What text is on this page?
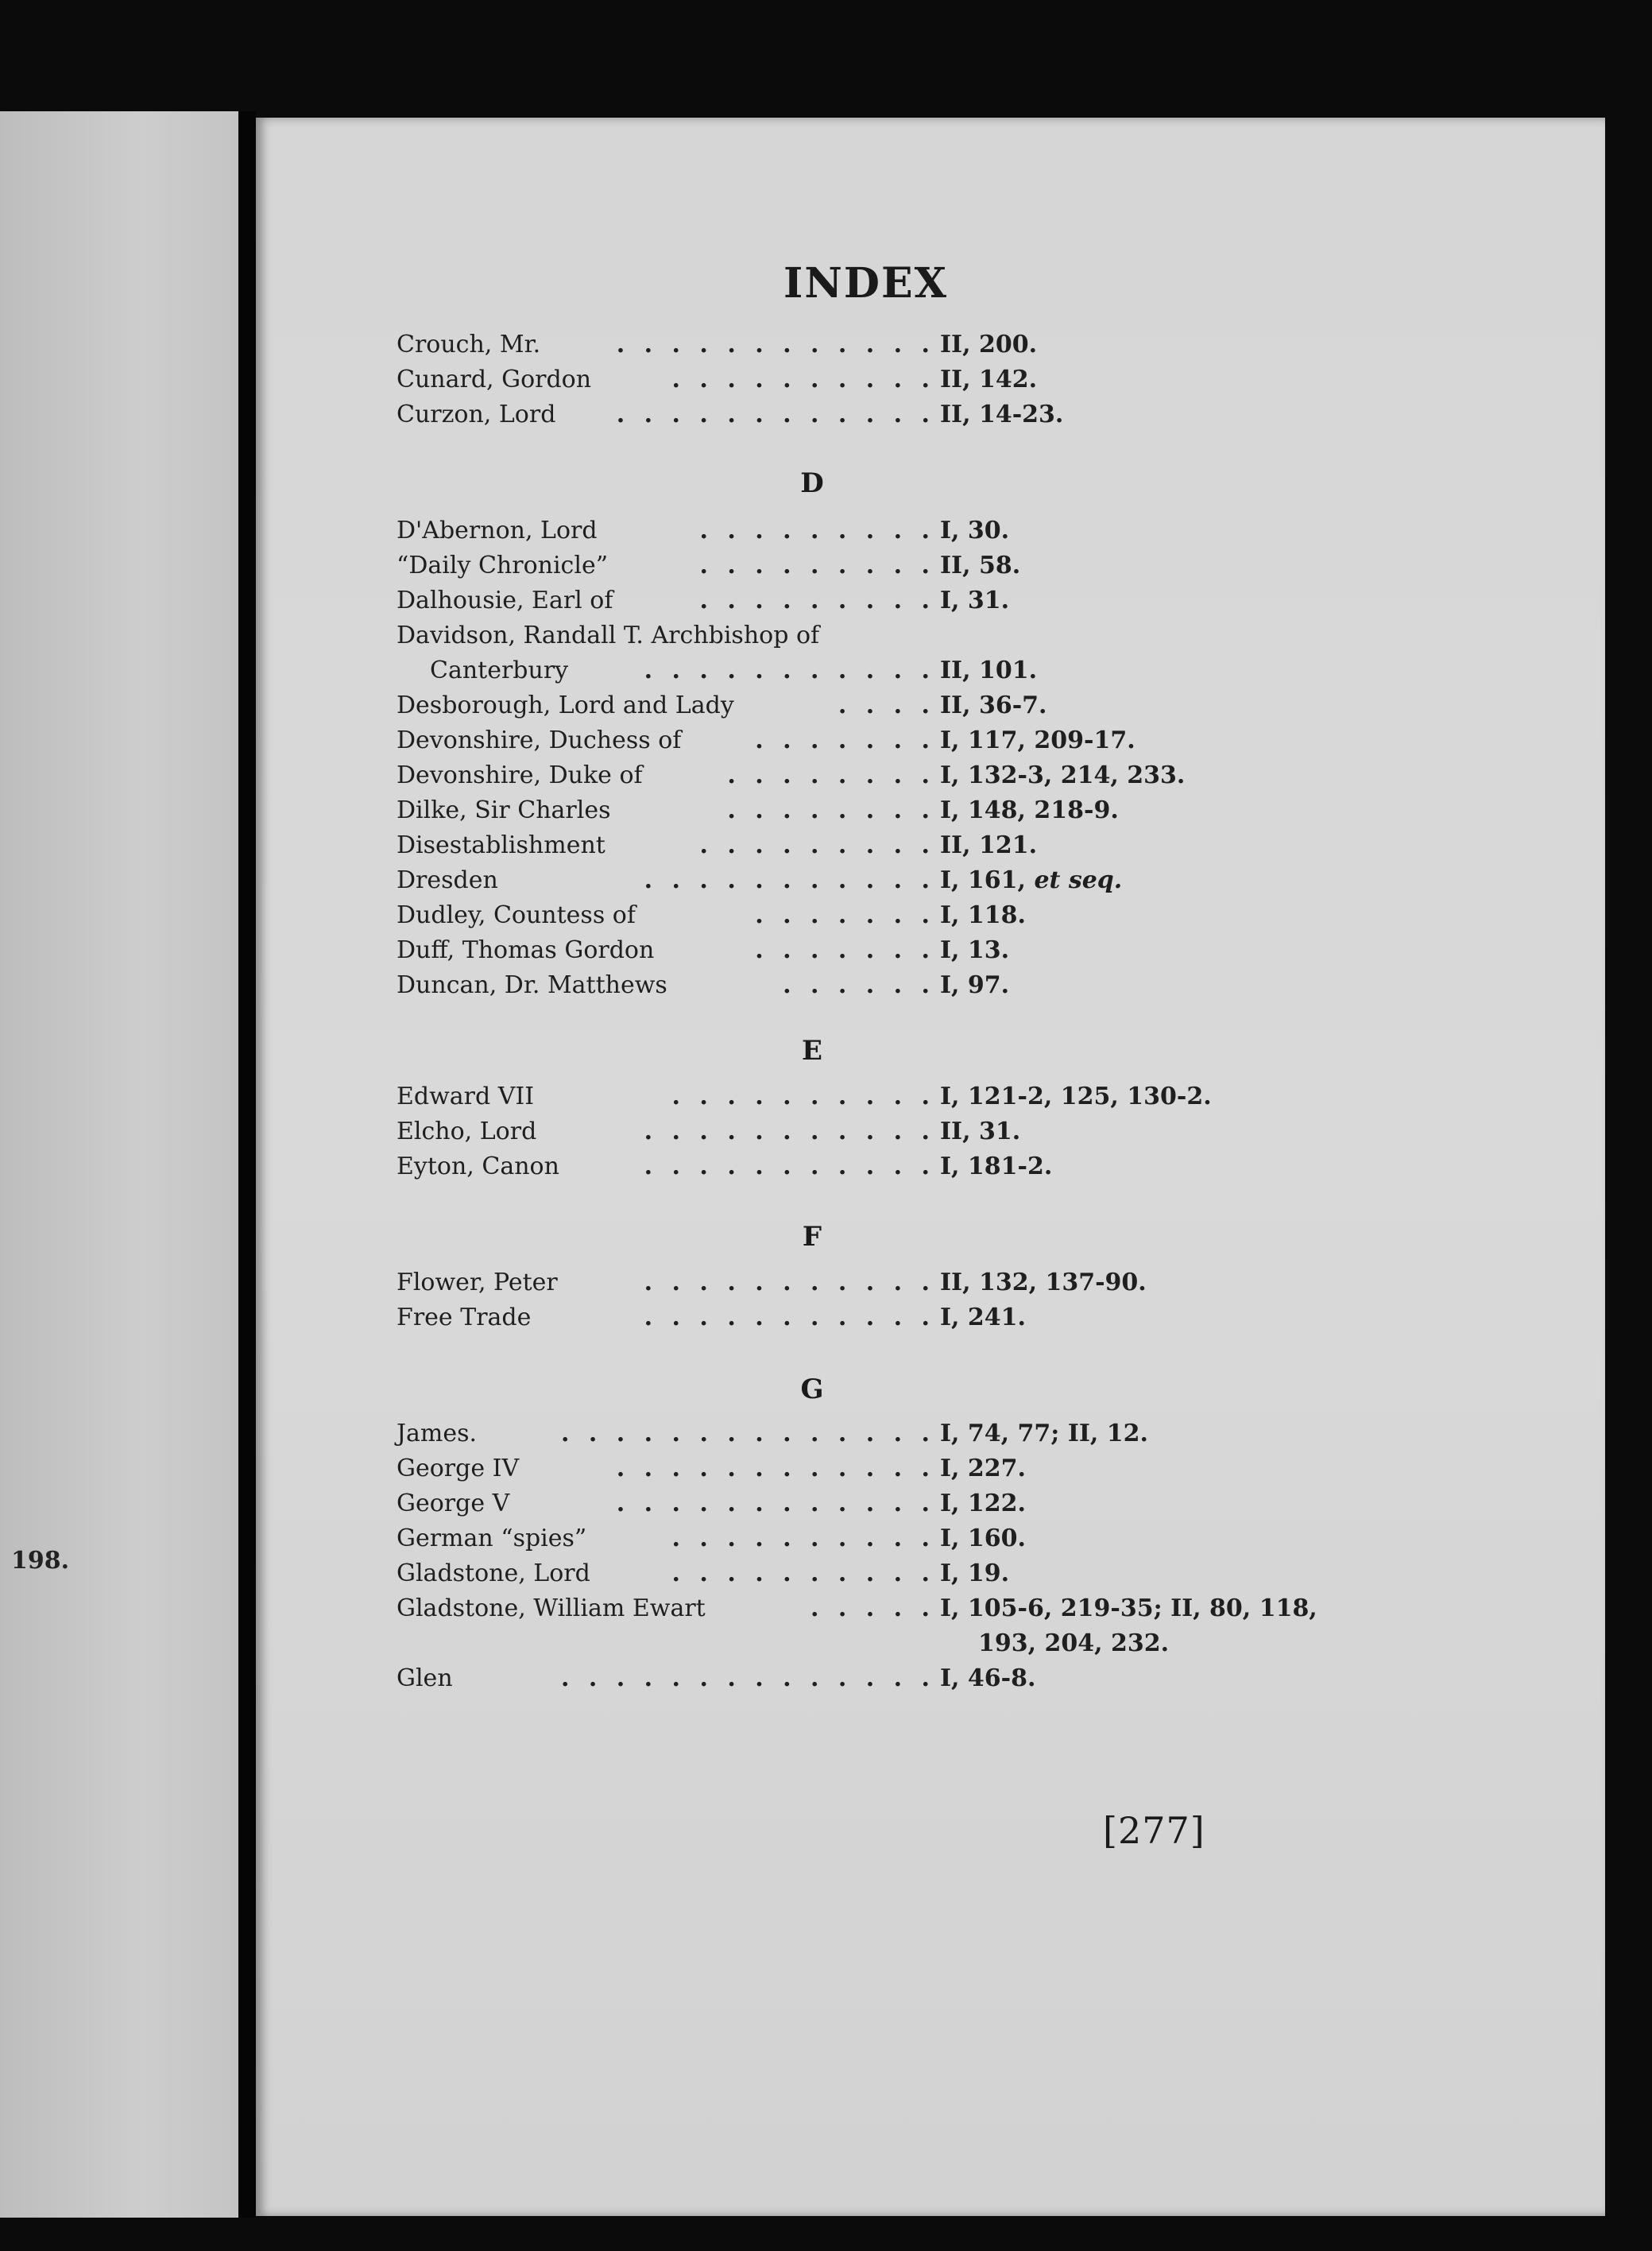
198.
INDEX
Crouch, Mr.	. . . . . . . . . . . . II, 200.
Cunard, Gordon	. . . . . . . . . . II, 142.
Curzon, Lord	. . . . . . . . . . . . II, 14-23.
D
D'Abernon, Lord	. . . . . . . . . I, 30.
“Daily Chronicle”	. . . . . . . . . II, 58.
Dalhousie, Earl of	. . . . . . . . . I, 31.
Davidson, Randall T. Archbishop of
Canterbury	. . . . . . . . . . . II, 101.
Desborough, Lord and Lady	. . . . II, 36-7.
Devonshire, Duchess of	. . . . . . . I, 117, 209-17.
Devonshire, Duke of	. . . . . . . . I, 132-3, 214, 233.
Dilke, Sir Charles	. . . . . . . . I, 148, 218-9.
Disestablishment	. . . . . . . . . II, 121.
Dresden	. . . . . . . . . . . I, 161, et seq.
Dudley, Countess of	. . . . . . . I, 118.
Duff, Thomas Gordon	. . . . . . . I, 13.
Duncan, Dr. Matthews	. . . . . . I, 97.
E
Edward VII	. . . . . . . . . . I, 121-2, 125, 130-2.
Elcho, Lord	. . . . . . . . . . . II, 31.
Eyton, Canon	. . . . . . . . . . . I, 181-2.
F
Flower, Peter	. . . . . . . . . . . II, 132, 137-90.
Free Trade	. . . . . . . . . . . I, 241.
G
James.	. . . . . . . . . . . . . . I, 74, 77; II, 12.
George IV	. . . . . . . . . . . . I, 227.
George V	. . . . . . . . . . . . I, 122.
German “spies”	. . . . . . . . . . I, 160.
Gladstone, Lord	. . . . . . . . . . I, 19.
Gladstone, William Ewart	. . . . . I, 105-6, 219-35; II, 80, 118,
193, 204, 232.
Glen	. . . . . . . . . . . . . . I, 46-8.
[277]
